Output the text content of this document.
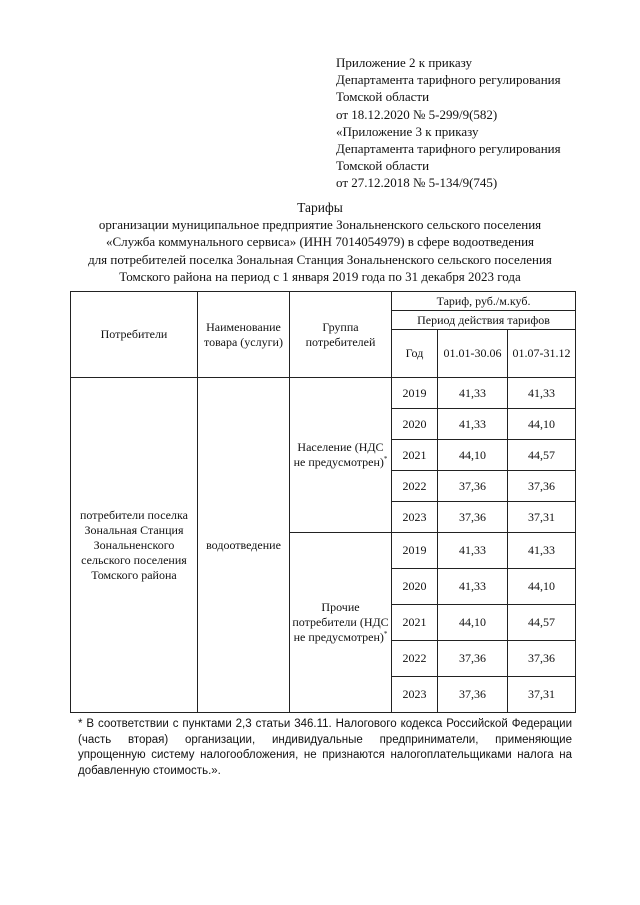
Приложение 2 к приказу
Департамента тарифного регулирования
Томской области
от 18.12.2020 № 5-299/9(582)
«Приложение 3 к приказу
Департамента тарифного регулирования
Томской области
от 27.12.2018 № 5-134/9(745)
Тарифы
организации муниципальное предприятие Зональненского сельского поселения
«Служба коммунального сервиса» (ИНН 7014054979) в сфере водоотведения
для потребителей поселка Зональная Станция Зональненского сельского поселения
Томского района на период с 1 января 2019 года по 31 декабря 2023 года
Потребители	Наименование товара (услуги)	Группа потребителей	Тариф, руб./м.куб.		
			Период действия тарифов		
			Год	01.01-30.06	01.07-31.12
потребители поселка Зональная Станция Зональненского сельского поселения Томского района	водоотведение	Население (НДС не предусмотрен)*	2019	41,33	41,33
			2020	41,33	44,10
			2021	44,10	44,57
			2022	37,36	37,36
			2023	37,36	37,31
		Прочие потребители (НДС не предусмотрен)*	2019	41,33	41,33
			2020	41,33	44,10
			2021	44,10	44,57
			2022	37,36	37,36
			2023	37,36	37,31
* В соответствии с пунктами 2,3 статьи 346.11. Налогового кодекса Российской Федерации (часть вторая) организации, индивидуальные предприниматели, применяющие упрощенную систему налогообложения, не признаются налогоплательщиками налога на добавленную стоимость.».
